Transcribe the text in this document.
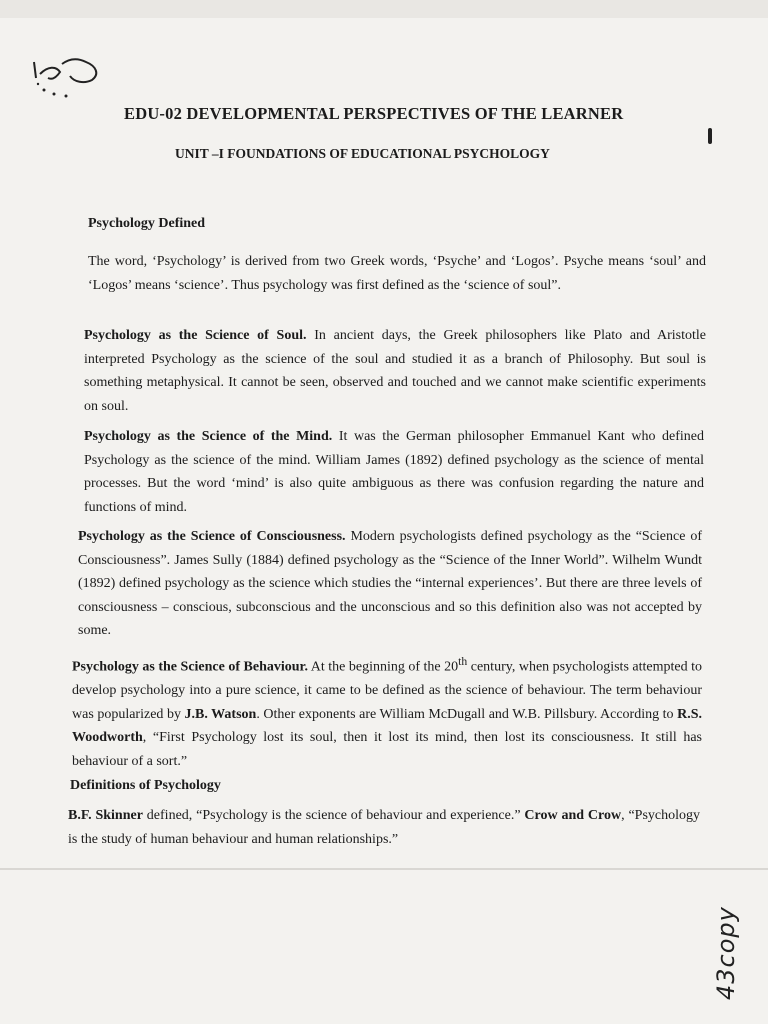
43copy
EDU-02 DEVELOPMENTAL PERSPECTIVES OF THE LEARNER
UNIT –I FOUNDATIONS OF EDUCATIONAL PSYCHOLOGY
Psychology Defined
The word, ‘Psychology’ is derived from two Greek words, ‘Psyche’ and ‘Logos’. Psyche means ‘soul’ and ‘Logos’ means ‘science’. Thus psychology was first defined as the ‘science of soul”.
Psychology as the Science of Soul. In ancient days, the Greek philosophers like Plato and Aristotle interpreted Psychology as the science of the soul and studied it as a branch of Philosophy. But soul is something metaphysical. It cannot be seen, observed and touched and we cannot make scientific experiments on soul.
Psychology as the Science of the Mind. It was the German philosopher Emmanuel Kant who defined Psychology as the science of the mind. William James (1892) defined psychology as the science of mental processes. But the word ‘mind’ is also quite ambiguous as there was confusion regarding the nature and functions of mind.
Psychology as the Science of Consciousness. Modern psychologists defined psychology as the “Science of Consciousness”. James Sully (1884) defined psychology as the “Science of the Inner World”. Wilhelm Wundt (1892) defined psychology as the science which studies the “internal experiences’. But there are three levels of consciousness – conscious, subconscious and the unconscious and so this definition also was not accepted by some.
Psychology as the Science of Behaviour. At the beginning of the 20th century, when psychologists attempted to develop psychology into a pure science, it came to be defined as the science of behaviour. The term behaviour was popularized by J.B. Watson. Other exponents are William McDugall and W.B. Pillsbury. According to R.S. Woodworth, “First Psychology lost its soul, then it lost its mind, then lost its consciousness. It still has behaviour of a sort.”
Definitions of Psychology
B.F. Skinner defined, “Psychology is the science of behaviour and experience.” Crow and Crow, “Psychology is the study of human behaviour and human relationships.”
